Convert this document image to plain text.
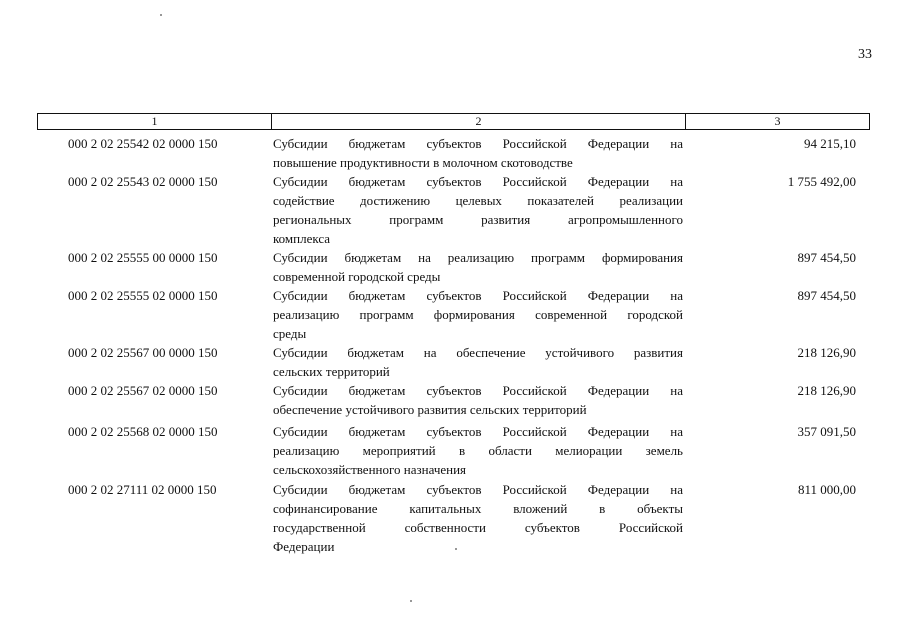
33
1	2	3
000 2 02 25542 02 0000 150	Субсидии бюджетам субъектов Российской Федерации на
повышение продуктивности в молочном скотоводстве
94 215,10
000 2 02 25543 02 0000 150	Субсидии бюджетам субъектов Российской Федерации на
содействие достижению целевых показателей реализации
региональных программ развития агропромышленного
комплекса
1 755 492,00
000 2 02 25555 00 0000 150	Субсидии бюджетам на реализацию программ формирования
современной городской среды
897 454,50
000 2 02 25555 02 0000 150	Субсидии бюджетам субъектов Российской Федерации на
реализацию программ формирования современной городской
среды
897 454,50
000 2 02 25567 00 0000 150	Субсидии бюджетам на обеспечение устойчивого развития
сельских территорий
218 126,90
000 2 02 25567 02 0000 150	Субсидии бюджетам субъектов Российской Федерации на
обеспечение устойчивого развития сельских территорий
218 126,90
000 2 02 25568 02 0000 150	Субсидии бюджетам субъектов Российской Федерации на
реализацию мероприятий в области мелиорации земель
сельскохозяйственного назначения
357 091,50
000 2 02 27111 02 0000 150	Субсидии бюджетам субъектов Российской Федерации на
софинансирование капитальных вложений в объекты
государственной собственности субъектов Российской
Федерации
811 000,00
